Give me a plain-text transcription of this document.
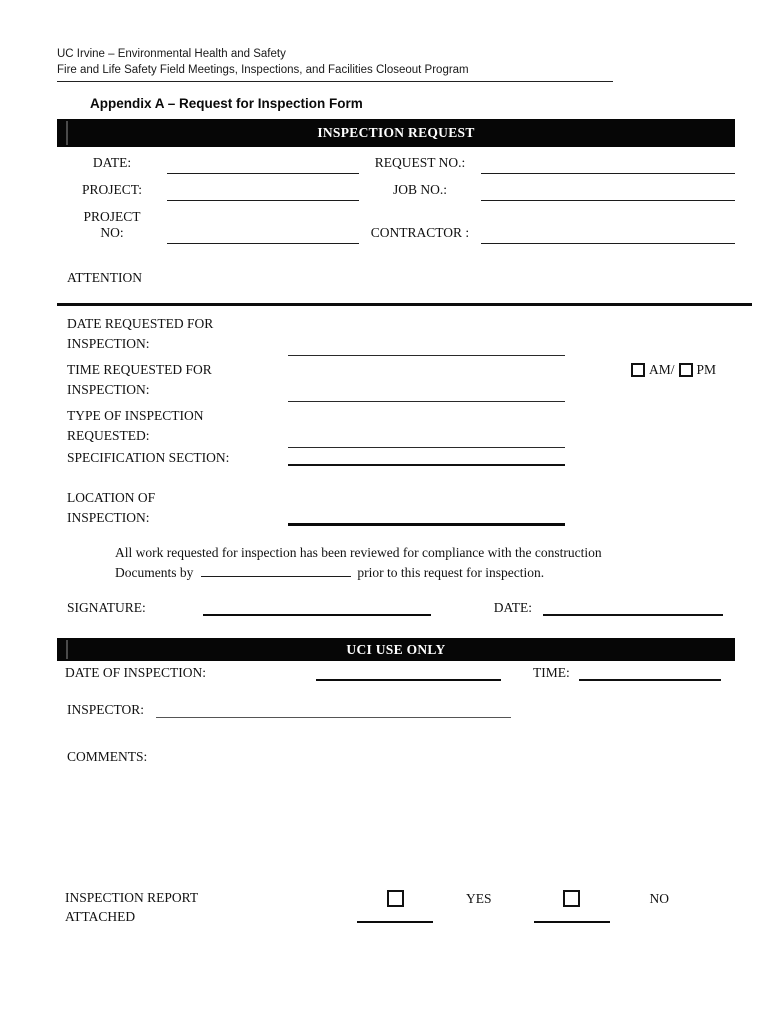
UC Irvine – Environmental Health and Safety
Fire and Life Safety Field Meetings, Inspections, and Facilities Closeout Program
Appendix A – Request for Inspection Form
INSPECTION REQUEST
DATE:	REQUEST NO.:
PROJECT:	JOB NO.:
PROJECT NO:	CONTRACTOR :
ATTENTION
DATE REQUESTED FOR INSPECTION:
TIME REQUESTED FOR INSPECTION:
AM/ PM
TYPE OF INSPECTION REQUESTED:
SPECIFICATION SECTION:
LOCATION OF INSPECTION:
All work requested for inspection has been reviewed for compliance with the construction
Documents by	prior to this request for inspection.
SIGNATURE:	DATE:
UCI USE ONLY
DATE OF INSPECTION:	TIME:
INSPECTOR:
COMMENTS:
INSPECTION REPORT ATTACHED
YES	NO
